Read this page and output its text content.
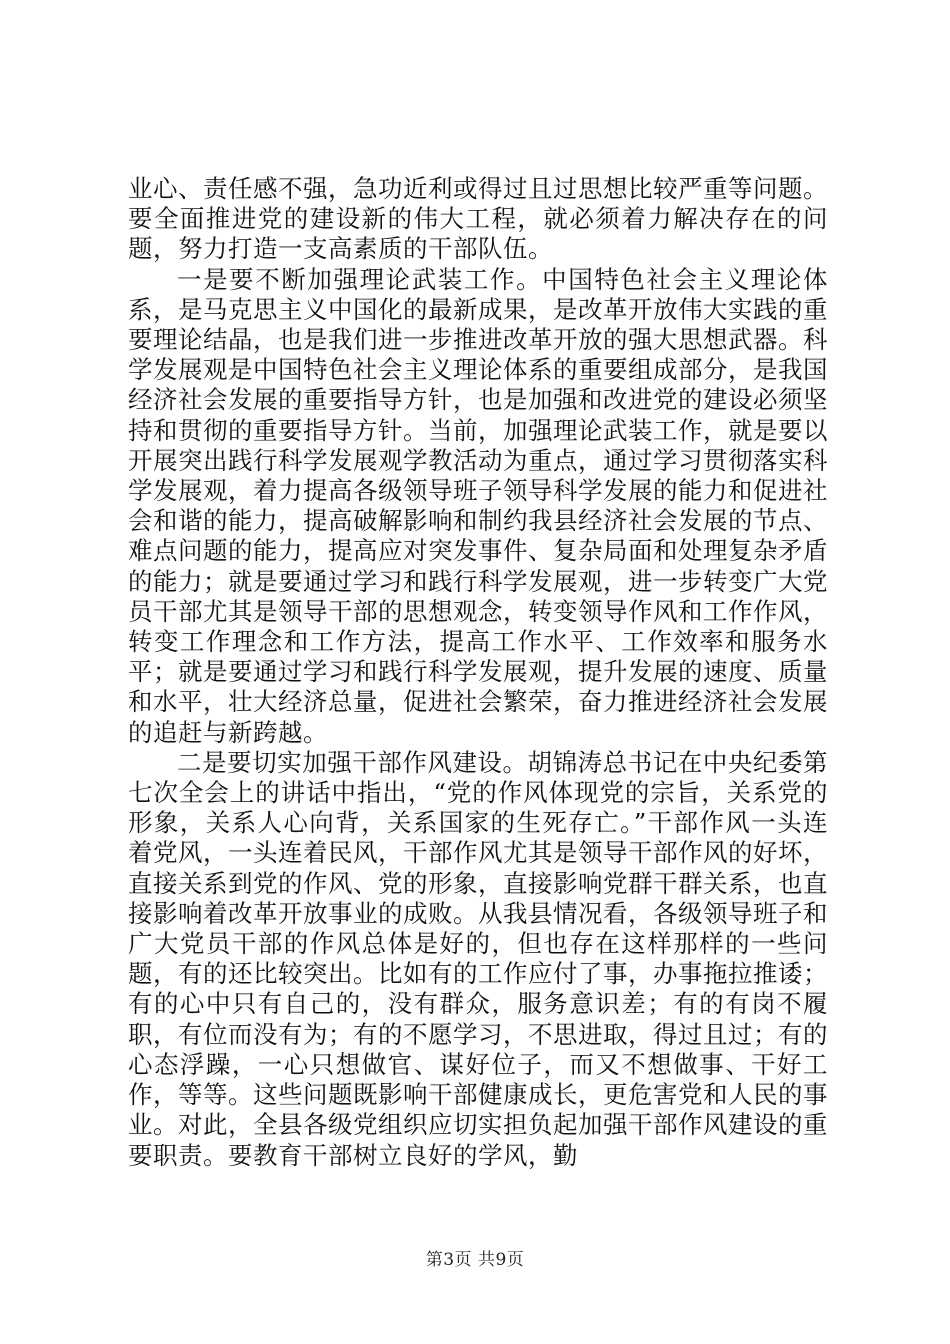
业心、责任感不强，急功近利或得过且过思想比较严重等问题。要全面推进党的建设新的伟大工程，就必须着力解决存在的问题，努力打造一支高素质的干部队伍。

一是要不断加强理论武装工作。中国特色社会主义理论体系，是马克思主义中国化的最新成果，是改革开放伟大实践的重要理论结晶，也是我们进一步推进改革开放的强大思想武器。科学发展观是中国特色社会主义理论体系的重要组成部分，是我国经济社会发展的重要指导方针，也是加强和改进党的建设必须坚持和贯彻的重要指导方针。当前，加强理论武装工作，就是要以开展突出践行科学发展观学教活动为重点，通过学习贯彻落实科学发展观，着力提高各级领导班子领导科学发展的能力和促进社会和谐的能力，提高破解影响和制约我县经济社会发展的节点、难点问题的能力，提高应对突发事件、复杂局面和处理复杂矛盾的能力；就是要通过学习和践行科学发展观，进一步转变广大党员干部尤其是领导干部的思想观念，转变领导作风和工作作风，转变工作理念和工作方法，提高工作水平、工作效率和服务水平；就是要通过学习和践行科学发展观，提升发展的速度、质量和水平，壮大经济总量，促进社会繁荣，奋力推进经济社会发展的追赶与新跨越。

二是要切实加强干部作风建设。胡锦涛总书记在中央纪委第七次全会上的讲话中指出，“党的作风体现党的宗旨，关系党的形象，关系人心向背，关系国家的生死存亡。”干部作风一头连着党风，一头连着民风，干部作风尤其是领导干部作风的好坏，直接关系到党的作风、党的形象，直接影响党群干群关系，也直接影响着改革开放事业的成败。从我县情况看，各级领导班子和广大党员干部的作风总体是好的，但也存在这样那样的一些问题，有的还比较突出。比如有的工作应付了事，办事拖拉推诿；有的心中只有自己的，没有群众，服务意识差；有的有岗不履职，有位而没有为；有的不愿学习，不思进取，得过且过；有的心态浮躁，一心只想做官、谋好位子，而又不想做事、干好工作，等等。这些问题既影响干部健康成长，更危害党和人民的事业。对此，全县各级党组织应切实担负起加强干部作风建设的重要职责。要教育干部树立良好的学风，勤

第3页 共9页
